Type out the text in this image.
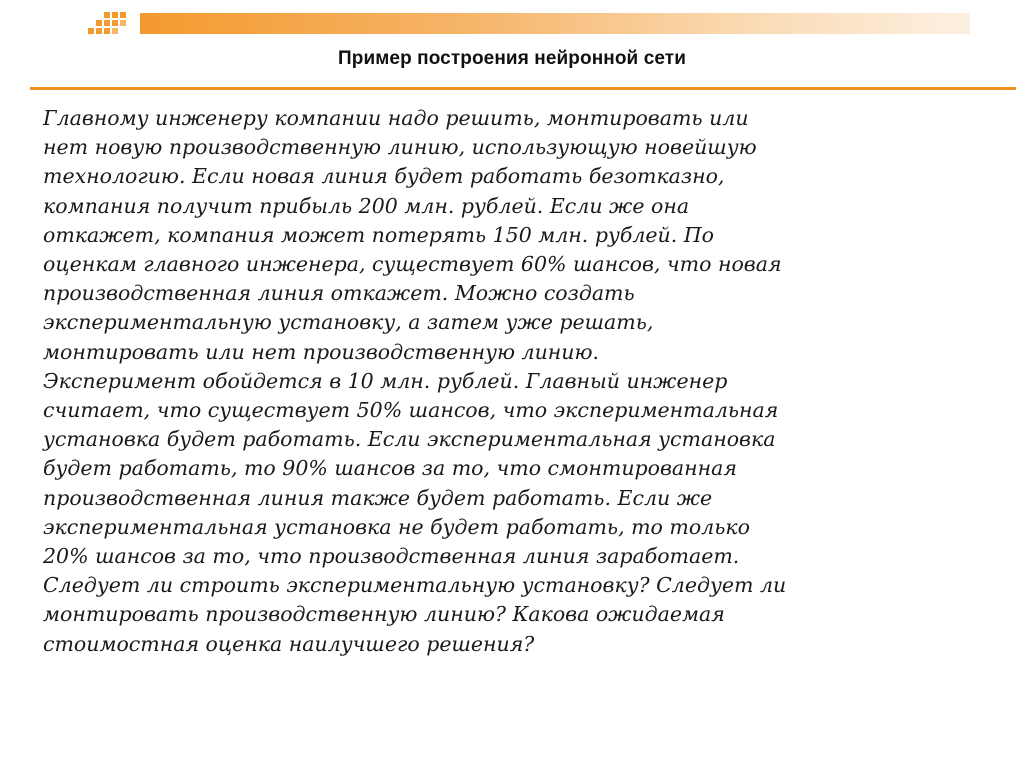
Пример построения нейронной сети
Главному инженеру компании надо решить, монтировать или
нет новую производственную линию, использующую новейшую
технологию. Если новая линия будет работать безотказно,
компания получит прибыль 200 млн. рублей. Если же она
откажет, компания может потерять 150 млн. рублей. По
оценкам главного инженера, существует 60% шансов, что новая
производственная линия откажет. Можно создать
экспериментальную установку, а затем уже решать,
монтировать или нет производственную линию.
Эксперимент обойдется в 10 млн. рублей. Главный инженер
считает, что существует 50% шансов, что экспериментальная
установка будет работать. Если экспериментальная установка
будет работать, то 90% шансов за то, что смонтированная
производственная линия также будет работать. Если же
экспериментальная установка не будет работать, то только
20% шансов за то, что производственная линия заработает.
Следует ли строить экспериментальную установку? Следует ли
монтировать производственную линию? Какова ожидаемая
стоимостная оценка наилучшего решения?
